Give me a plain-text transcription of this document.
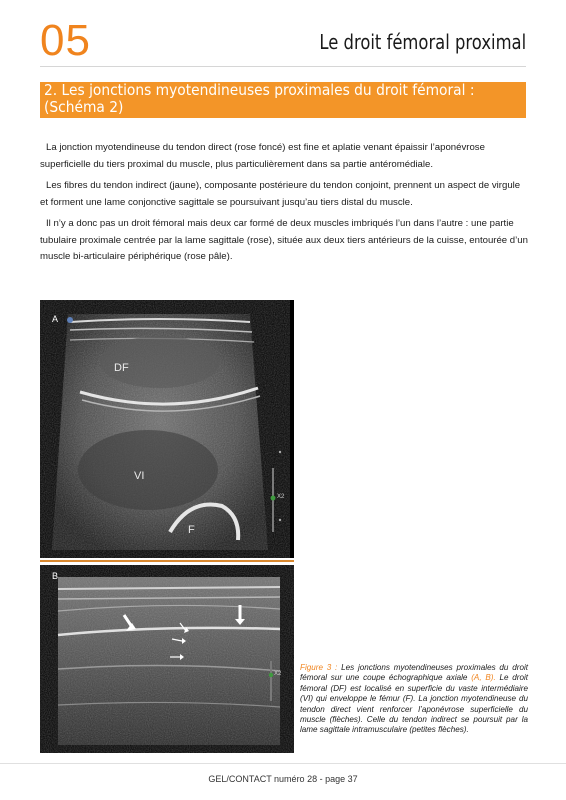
05	Le droit fémoral proximal
2. Les jonctions myotendineuses proximales du droit fémoral :
(Schéma 2)

La jonction myotendineuse du tendon direct (rose foncé) est fine et aplatie venant épaissir l’aponévrose superficielle du tiers proximal du muscle, plus particulièrement dans sa partie antéromédiale.

Les fibres du tendon indirect (jaune), composante postérieure du tendon conjoint, prennent un aspect de virgule et forment une lame conjonctive sagittale se poursuivant jusqu’au tiers distal du muscle.

Il n’y a donc pas un droit fémoral mais deux car formé de deux muscles imbriqués l’un dans l’autre : une partie tubulaire proximale centrée par la lame sagittale (rose), située aux deux tiers antérieurs de la cuisse, entourée d’un muscle bi-articulaire périphérique (rose pâle).

A
DF
VI
F
X2
B
X2
Figure 3 : Les jonctions myotendineuses proximales du droit fémoral sur une coupe échographique axiale (A, B). Le droit fémoral (DF) est localisé en superficie du vaste intermédiaire (VI) qui enveloppe le fémur (F). La jonction myotendineuse du tendon direct vient renforcer l’aponévrose superficielle du muscle (flèches). Celle du tendon indirect se poursuit par la lame sagittale intramusculaire (petites flèches).
GEL/CONTACT numéro 28 - page 37
